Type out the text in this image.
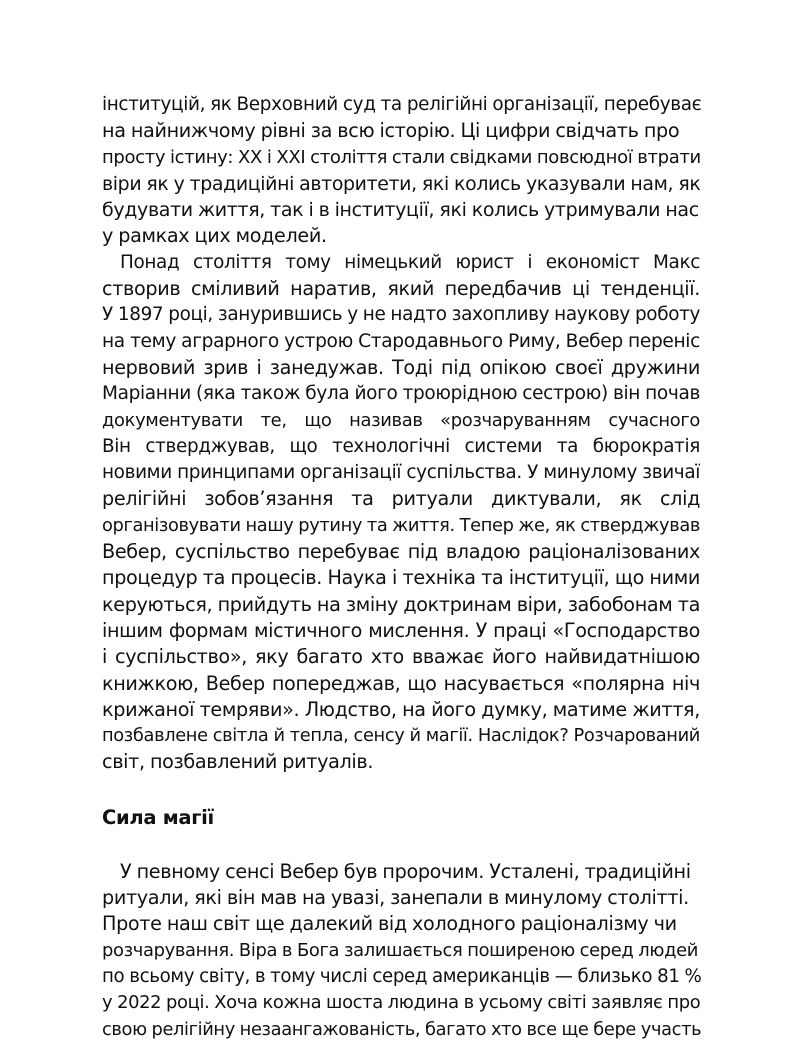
інституцій, як Верховний суд та релігійні організації, перебуває
на найнижчому рівні за всю історію. Ці цифри свідчать про
просту істину: XX і XXI століття стали свідками повсюдної втрати
віри як у традиційні авторитети, які колись указували нам, як
будувати життя, так і в інституції, які колись утримували нас
у рамках цих моделей.
Понад століття тому німецький юрист і економіст Макс
створив сміливий наратив, який передбачив ці тенденції.
У 1897 році, занурившись у не надто захопливу наукову роботу
на тему аграрного устрою Стародавнього Риму, Вебер переніс
нервовий зрив і занедужав. Тоді під опікою своєї дружини
Маріанни (яка також була його троюрідною сестрою) він почав
документувати те, що називав «розчаруванням сучасного
Він стверджував, що технологічні системи та бюрократія
новими принципами організації суспільства. У минулому звичаї
релігійні зобов’язання та ритуали диктували, як слід
організовувати нашу рутину та життя. Тепер же, як стверджував
Вебер, суспільство перебуває під владою раціоналізованих
процедур та процесів. Наука і техніка та інституції, що ними
керуються, прийдуть на зміну доктринам віри, забобонам та
іншим формам містичного мислення. У праці «Господарство
і суспільство», яку багато хто вважає його найвидатнішою
книжкою, Вебер попереджав, що насувається «полярна ніч
крижаної темряви». Людство, на його думку, матиме життя,
позбавлене світла й тепла, сенсу й магії. Наслідок? Розчарований
світ, позбавлений ритуалів.
Сила магії
У певному сенсі Вебер був пророчим. Усталені, традиційні
ритуали, які він мав на увазі, занепали в минулому столітті.
Проте наш світ ще далекий від холодного раціоналізму чи
розчарування. Віра в Бога залишається поширеною серед людей
по всьому світу, в тому числі серед американців — близько 81 %
у 2022 році. Хоча кожна шоста людина в усьому світі заявляє про
свою релігійну незаангажованість, багато хто все ще бере участь
